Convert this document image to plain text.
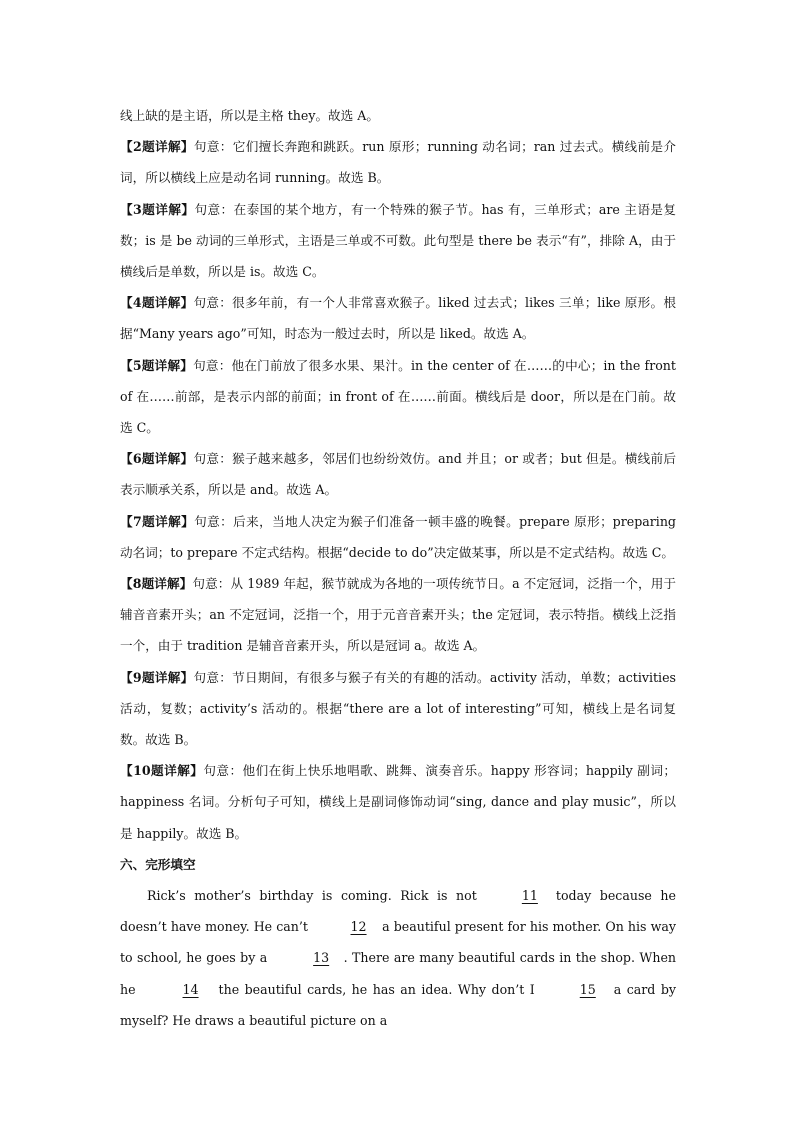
线上缺的是主语，所以是主格 they。故选 A。

【2题详解】句意：它们擅长奔跑和跳跃。run 原形；running 动名词；ran 过去式。横线前是介词，所以横线上应是动名词 running。故选 B。

【3题详解】句意：在泰国的某个地方，有一个特殊的猴子节。has 有，三单形式；are 主语是复数；is 是 be 动词的三单形式，主语是三单或不可数。此句型是 there be 表示“有”，排除 A，由于横线后是单数，所以是 is。故选 C。

【4题详解】句意：很多年前，有一个人非常喜欢猴子。liked 过去式；likes 三单；like 原形。根据“Many years ago”可知，时态为一般过去时，所以是 liked。故选 A。

【5题详解】句意：他在门前放了很多水果、果汁。in the center of 在……的中心；in the front of 在……前部，是表示内部的前面；in front of 在……前面。横线后是 door，所以是在门前。故选 C。

【6题详解】句意：猴子越来越多，邻居们也纷纷效仿。and 并且；or 或者；but 但是。横线前后表示顺承关系，所以是 and。故选 A。

【7题详解】句意：后来，当地人决定为猴子们准备一顿丰盛的晚餐。prepare 原形；preparing 动名词；to prepare 不定式结构。根据“decide to do”决定做某事，所以是不定式结构。故选 C。

【8题详解】句意：从 1989 年起，猴节就成为各地的一项传统节日。a 不定冠词，泛指一个，用于辅音音素开头；an 不定冠词，泛指一个，用于元音音素开头；the 定冠词，表示特指。横线上泛指一个，由于 tradition 是辅音音素开头，所以是冠词 a。故选 A。

【9题详解】句意：节日期间，有很多与猴子有关的有趣的活动。activity 活动，单数；activities 活动，复数；activity’s 活动的。根据“there are a lot of interesting”可知，横线上是名词复数。故选 B。

【10题详解】句意：他们在街上快乐地唱歌、跳舞、演奏音乐。happy 形容词；happily 副词；happiness 名词。分析句子可知，横线上是副词修饰动词“sing, dance and play music”，所以是 happily。故选 B。

六、完形填空

Rick’s mother’s birthday is coming. Rick is not	11 today because he doesn’t have money. He can’t	12 a beautiful present for his mother. On his way to school, he goes by a	13 . There are many beautiful cards in the shop. When he	14 the beautiful cards, he has an idea. Why don’t I	15 a card by myself? He draws a beautiful picture on a
